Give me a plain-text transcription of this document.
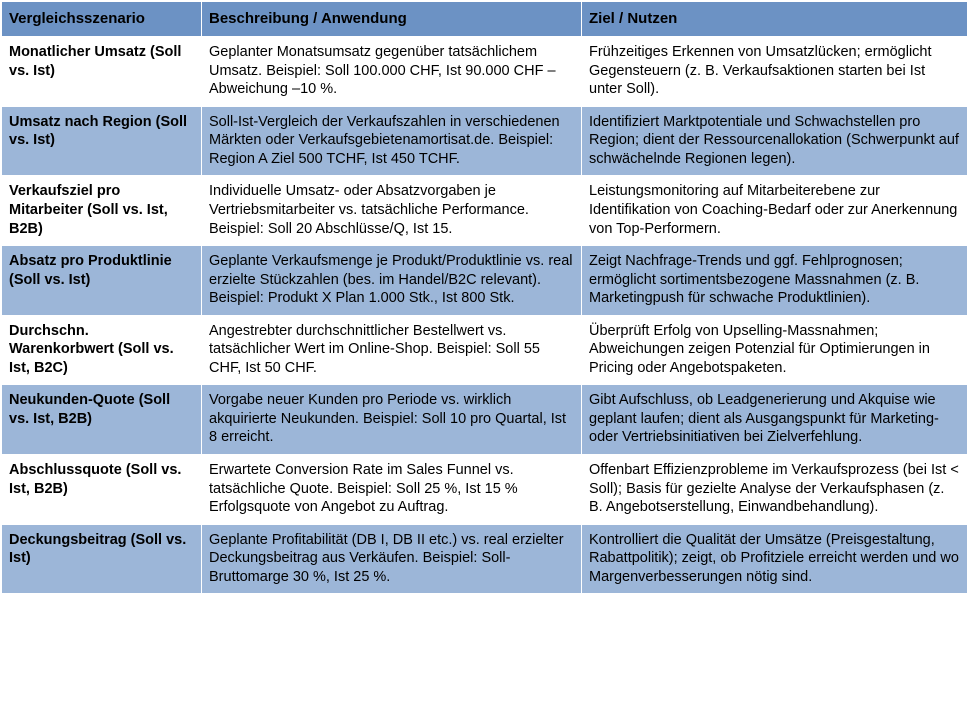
Vergleichsszenario	Beschreibung / Anwendung	Ziel / Nutzen
Monatlicher Umsatz (Soll vs. Ist)	Geplanter Monatsumsatz gegenüber tatsächlichem Umsatz. Beispiel: Soll 100.000 CHF, Ist 90.000 CHF – Abweichung –10 %.	Frühzeitiges Erkennen von Umsatzlücken; ermöglicht Gegensteuern (z. B. Verkaufsaktionen starten bei Ist unter Soll).
Umsatz nach Region (Soll vs. Ist)	Soll-Ist-Vergleich der Verkaufszahlen in verschiedenen Märkten oder Verkaufsgebietenamortisat.de. Beispiel: Region A Ziel 500 TCHF, Ist 450 TCHF.	Identifiziert Marktpotentiale und Schwachstellen pro Region; dient der Ressourcenallokation (Schwerpunkt auf schwächelnde Regionen legen).
Verkaufsziel pro Mitarbeiter (Soll vs. Ist, B2B)	Individuelle Umsatz- oder Absatzvorgaben je Vertriebsmitarbeiter vs. tatsächliche Performance. Beispiel: Soll 20 Abschlüsse/Q, Ist 15.	Leistungsmonitoring auf Mitarbeiterebene zur Identifikation von Coaching-Bedarf oder zur Anerkennung von Top-Performern.
Absatz pro Produktlinie (Soll vs. Ist)	Geplante Verkaufsmenge je Produkt/Produktlinie vs. real erzielte Stückzahlen (bes. im Handel/B2C relevant). Beispiel: Produkt X Plan 1.000 Stk., Ist 800 Stk.	Zeigt Nachfrage-Trends und ggf. Fehlprognosen; ermöglicht sortimentsbezogene Massnahmen (z. B. Marketingpush für schwache Produktlinien).
Durchschn. Warenkorbwert (Soll vs. Ist, B2C)	Angestrebter durchschnittlicher Bestellwert vs. tatsächlicher Wert im Online-Shop. Beispiel: Soll 55 CHF, Ist 50 CHF.	Überprüft Erfolg von Upselling-Massnahmen; Abweichungen zeigen Potenzial für Optimierungen in Pricing oder Angebotspaketen.
Neukunden-Quote (Soll vs. Ist, B2B)	Vorgabe neuer Kunden pro Periode vs. wirklich akquirierte Neukunden. Beispiel: Soll 10 pro Quartal, Ist 8 erreicht.	Gibt Aufschluss, ob Leadgenerierung und Akquise wie geplant laufen; dient als Ausgangspunkt für Marketing- oder Vertriebsinitiativen bei Zielverfehlung.
Abschlussquote (Soll vs. Ist, B2B)	Erwartete Conversion Rate im Sales Funnel vs. tatsächliche Quote. Beispiel: Soll 25 %, Ist 15 % Erfolgsquote von Angebot zu Auftrag.	Offenbart Effizienzprobleme im Verkaufsprozess (bei Ist < Soll); Basis für gezielte Analyse der Verkaufsphasen (z. B. Angebotserstellung, Einwandbehandlung).
Deckungsbeitrag (Soll vs. Ist)	Geplante Profitabilität (DB I, DB II etc.) vs. real erzielter Deckungsbeitrag aus Verkäufen. Beispiel: Soll-Bruttomarge 30 %, Ist 25 %.	Kontrolliert die Qualität der Umsätze (Preisgestaltung, Rabattpolitik); zeigt, ob Profitziele erreicht werden und wo Margenverbesserungen nötig sind.
